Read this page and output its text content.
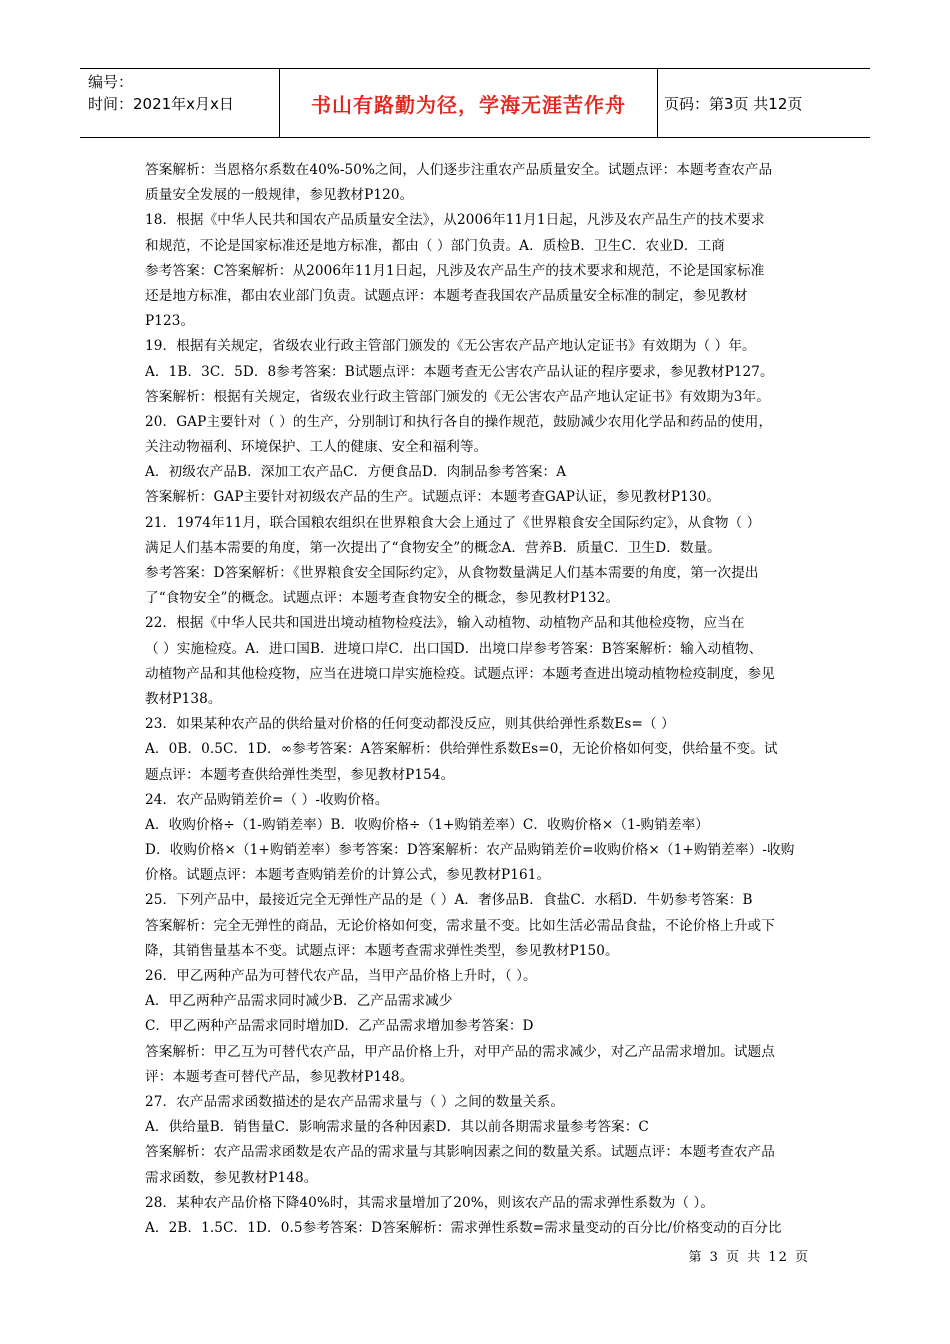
编号：
时间：2021年x月x日	书山有路勤为径，学海无涯苦作舟	页码：第3页 共12页
答案解析：当恩格尔系数在40%-50%之间，人们逐步注重农产品质量安全。试题点评：本题考查农产品
质量安全发展的一般规律，参见教材P120。
18．根据《中华人民共和国农产品质量安全法》，从2006年11月1日起，凡涉及农产品生产的技术要求
和规范，不论是国家标准还是地方标准，都由（ ）部门负责。A．质检B．卫生C．农业D．工商
参考答案：C答案解析：从2006年11月1日起，凡涉及农产品生产的技术要求和规范，不论是国家标准
还是地方标准，都由农业部门负责。试题点评：本题考查我国农产品质量安全标准的制定，参见教材
P123。
19．根据有关规定，省级农业行政主管部门颁发的《无公害农产品产地认定证书》有效期为（ ）年。
A．1B．3C．5D．8参考答案：B试题点评：本题考查无公害农产品认证的程序要求，参见教材P127。
答案解析：根据有关规定，省级农业行政主管部门颁发的《无公害农产品产地认定证书》有效期为3年。
20．GAP主要针对（ ）的生产，分别制订和执行各自的操作规范，鼓励减少农用化学品和药品的使用，
关注动物福利、环境保护、工人的健康、安全和福利等。
A．初级农产品B．深加工农产品C．方便食品D．肉制品参考答案：A
答案解析：GAP主要针对初级农产品的生产。试题点评：本题考查GAP认证，参见教材P130。
21．1974年11月，联合国粮农组织在世界粮食大会上通过了《世界粮食安全国际约定》，从食物（ ）
满足人们基本需要的角度，第一次提出了“食物安全”的概念A．营养B．质量C．卫生D．数量。
参考答案：D答案解析：《世界粮食安全国际约定》，从食物数量满足人们基本需要的角度，第一次提出
了“食物安全”的概念。试题点评：本题考查食物安全的概念，参见教材P132。
22．根据《中华人民共和国进出境动植物检疫法》，输入动植物、动植物产品和其他检疫物，应当在
（ ）实施检疫。A．进口国B．进境口岸C．出口国D．出境口岸参考答案：B答案解析：输入动植物、
动植物产品和其他检疫物，应当在进境口岸实施检疫。试题点评：本题考查进出境动植物检疫制度，参见
教材P138。
23．如果某种农产品的供给量对价格的任何变动都没反应，则其供给弹性系数Es=（ ）
A．0B．0.5C．1D．∞参考答案：A答案解析：供给弹性系数Es=0，无论价格如何变，供给量不变。试
题点评：本题考查供给弹性类型，参见教材P154。
24．农产品购销差价=（ ）-收购价格。
A．收购价格÷（1-购销差率）B．收购价格÷（1+购销差率）C．收购价格×（1-购销差率）
D．收购价格×（1+购销差率）参考答案：D答案解析：农产品购销差价=收购价格×（1+购销差率）-收购
价格。试题点评：本题考查购销差价的计算公式，参见教材P161。
25．下列产品中，最接近完全无弹性产品的是（ ）A．奢侈品B．食盐C．水稻D．牛奶参考答案：B
答案解析：完全无弹性的商品，无论价格如何变，需求量不变。比如生活必需品食盐，不论价格上升或下
降，其销售量基本不变。试题点评：本题考查需求弹性类型，参见教材P150。
26．甲乙两种产品为可替代农产品，当甲产品价格上升时，（ ）。
A．甲乙两种产品需求同时减少B．乙产品需求减少
C．甲乙两种产品需求同时增加D．乙产品需求增加参考答案：D
答案解析：甲乙互为可替代农产品，甲产品价格上升，对甲产品的需求减少，对乙产品需求增加。试题点
评：本题考查可替代产品，参见教材P148。
27．农产品需求函数描述的是农产品需求量与（ ）之间的数量关系。
A．供给量B．销售量C．影响需求量的各种因素D．其以前各期需求量参考答案：C
答案解析：农产品需求函数是农产品的需求量与其影响因素之间的数量关系。试题点评：本题考查农产品
需求函数，参见教材P148。
28．某种农产品价格下降40%时，其需求量增加了20%，则该农产品的需求弹性系数为（ ）。
A．2B．1.5C．1D．0.5参考答案：D答案解析：需求弹性系数=需求量变动的百分比/价格变动的百分比
第 3 页 共 12 页
